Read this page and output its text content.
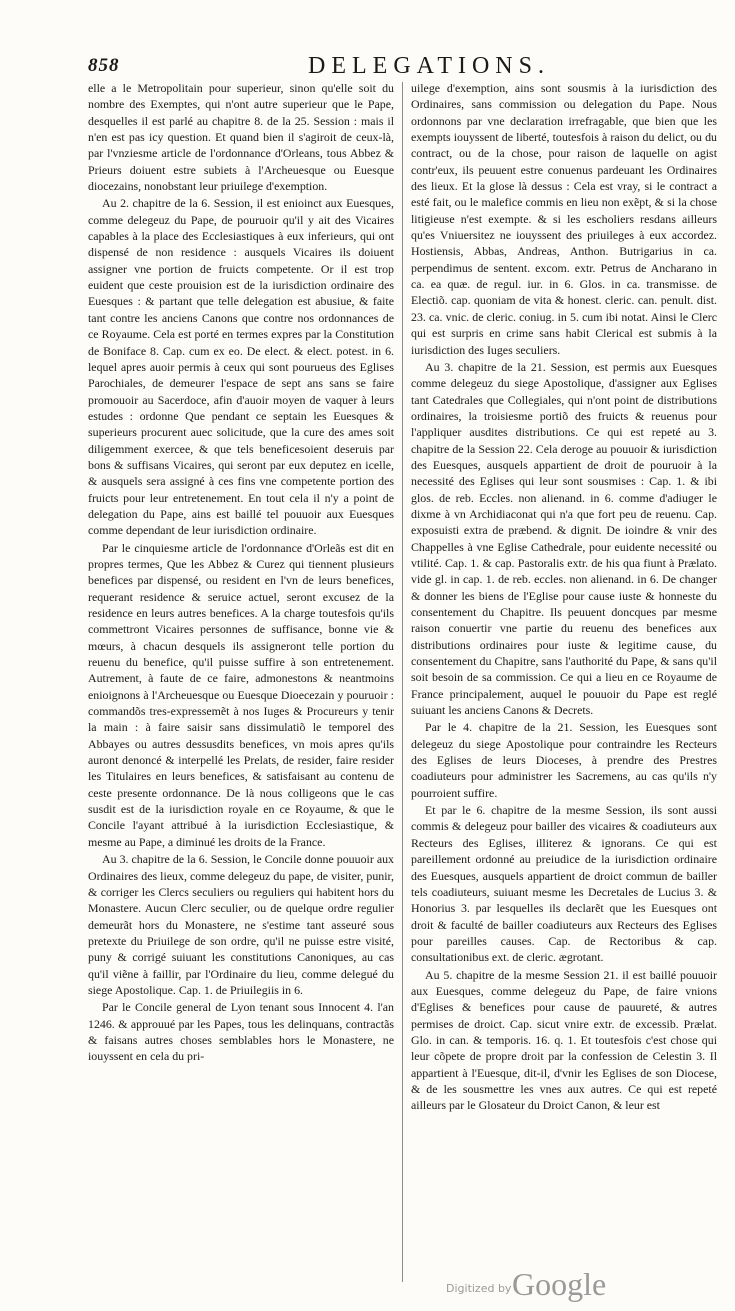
858	DELEGATIONS.

elle a le Metropolitain pour superieur, sinon qu'elle soit du nombre des Exemptes, qui n'ont autre superieur que le Pape, desquelles il est parlé au chapitre 8. de la 25. Session : mais il n'en est pas icy question. Et quand bien il s'agiroit de ceux-là, par l'vnziesme article de l'ordonnance d'Orleans, tous Abbez & Prieurs doiuent estre subiets à l'Archeuesque ou Euesque diocezains, nonobstant leur priuilege d'exemption.

Au 2. chapitre de la 6. Session, il est enioinct aux Euesques, comme delegeuz du Pape, de pouruoir qu'il y ait des Vicaires capables à la place des Ecclesiastiques à eux inferieurs, qui ont dispensé de non residence : ausquels Vicaires ils doiuent assigner vne portion de fruicts competente. Or il est trop euident que ceste prouision est de la iurisdiction ordinaire des Euesques : & partant que telle delegation est abusiue, & faite tant contre les anciens Canons que contre nos ordonnances de ce Royaume. Cela est porté en termes expres par la Constitution de Boniface 8. Cap. cum ex eo. De elect. & elect. potest. in 6. lequel apres auoir permis à ceux qui sont pourueus des Eglises Parochiales, de demeurer l'espace de sept ans sans se faire promouoir au Sacerdoce, afin d'auoir moyen de vaquer à leurs estudes : ordonne Que pendant ce septain les Euesques & superieurs procurent auec solicitude, que la cure des ames soit diligemment exercee, & que tels beneficesoient deseruis par bons & suffisans Vicaires, qui seront par eux deputez en icelle, & ausquels sera assigné à ces fins vne competente portion des fruicts pour leur entretenement. En tout cela il n'y a point de delegation du Pape, ains est baillé tel pouuoir aux Euesques comme dependant de leur iurisdiction ordinaire.

Par le cinquiesme article de l'ordonnance d'Orleãs est dit en propres termes, Que les Abbez & Curez qui tiennent plusieurs benefices par dispensé, ou resident en l'vn de leurs benefices, requerant residence & seruice actuel, seront excusez de la residence en leurs autres benefices. A la charge toutesfois qu'ils commettront Vicaires personnes de suffisance, bonne vie & mœurs, à chacun desquels ils assigneront telle portion du reuenu du benefice, qu'il puisse suffire à son entretenement. Autrement, à faute de ce faire, admonestons & neantmoins enioignons à l'Archeuesque ou Euesque Dioecezain y pouruoir : commandõs tres-expressemẽt à nos Iuges & Procureurs y tenir la main : à faire saisir sans dissimulatiõ le temporel des Abbayes ou autres dessusdits benefices, vn mois apres qu'ils auront denoncé & interpellé les Prelats, de resider, faire resider les Titulaires en leurs benefices, & satisfaisant au contenu de ceste presente ordonnance. De là nous colligeons que le cas susdit est de la iurisdiction royale en ce Royaume, & que le Concile l'ayant attribué à la iurisdiction Ecclesiastique, & mesme au Pape, a diminué les droits de la France.

Au 3. chapitre de la 6. Session, le Concile donne pouuoir aux Ordinaires des lieux, comme delegeuz du pape, de visiter, punir, & corriger les Clercs seculiers ou reguliers qui habitent hors du Monastere. Aucun Clerc seculier, ou de quelque ordre regulier demeurãt hors du Monastere, ne s'estime tant asseuré sous pretexte du Priuilege de son ordre, qu'il ne puisse estre visité, puny & corrigé suiuant les constitutions Canoniques, au cas qu'il viẽne à faillir, par l'Ordinaire du lieu, comme delegué du siege Apostolique. Cap. 1. de Priuilegiis in 6.

Par le Concile general de Lyon tenant sous Innocent 4. l'an 1246. & approuué par les Papes, tous les delinquans, contractãs & faisans autres choses semblables hors le Monastere, ne iouyssent en cela du pri-

uilege d'exemption, ains sont sousmis à la iurisdiction des Ordinaires, sans commission ou delegation du Pape. Nous ordonnons par vne declaration irrefragable, que bien que les exempts iouyssent de liberté, toutesfois à raison du delict, ou du contract, ou de la chose, pour raison de laquelle on agist contr'eux, ils peuuent estre conuenus pardeuant les Ordinaires des lieux. Et la glose là dessus : Cela est vray, si le contract a esté fait, ou le malefice commis en lieu non exẽpt, & si la chose litigieuse n'est exempte. & si les escholiers resdans ailleurs qu'es Vniuersitez ne iouyssent des priuileges à eux accordez. Hostiensis, Abbas, Andreas, Anthon. Butrigarius in ca. perpendimus de sentent. excom. extr. Petrus de Ancharano in ca. ea quæ. de regul. iur. in 6. Glos. in ca. transmisse. de Electiõ. cap. quoniam de vita & honest. cleric. can. penult. dist. 23. ca. vnic. de cleric. coniug. in 5. cum ibi notat. Ainsi le Clerc qui est surpris en crime sans habit Clerical est submis à la iurisdiction des Iuges seculiers.

Au 3. chapitre de la 21. Session, est permis aux Euesques comme delegeuz du siege Apostolique, d'assigner aux Eglises tant Catedrales que Collegiales, qui n'ont point de distributions ordinaires, la troisiesme portiõ des fruicts & reuenus pour l'appliquer ausdites distributions. Ce qui est repeté au 3. chapitre de la Session 22. Cela deroge au pouuoir & iurisdiction des Euesques, ausquels appartient de droit de pouruoir à la necessité des Eglises qui leur sont sousmises : Cap. 1. & ibi glos. de reb. Eccles. non alienand. in 6. comme d'adiuger le dixme à vn Archidiaconat qui n'a que fort peu de reuenu. Cap. exposuisti extra de præbend. & dignit. De ioindre & vnir des Chappelles à vne Eglise Cathedrale, pour euidente necessité ou vtilité. Cap. 1. & cap. Pastoralis extr. de his qua fiunt à Prælato. vide gl. in cap. 1. de reb. eccles. non alienand. in 6. De changer & donner les biens de l'Eglise pour cause iuste & honneste du consentement du Chapitre. Ils peuuent doncques par mesme raison conuertir vne partie du reuenu des benefices aux distributions ordinaires pour iuste & legitime cause, du consentement du Chapitre, sans l'authorité du Pape, & sans qu'il soit besoin de sa commission. Ce qui a lieu en ce Royaume de France principalement, auquel le pouuoir du Pape est reglé suiuant les anciens Canons & Decrets.

Par le 4. chapitre de la 21. Session, les Euesques sont delegeuz du siege Apostolique pour contraindre les Recteurs des Eglises de leurs Dioceses, à prendre des Prestres coadiuteurs pour administrer les Sacremens, au cas qu'ils n'y pourroient suffire.

Et par le 6. chapitre de la mesme Session, ils sont aussi commis & delegeuz pour bailler des vicaires & coadiuteurs aux Recteurs des Eglises, illiterez & ignorans. Ce qui est pareillement ordonné au preiudice de la iurisdiction ordinaire des Euesques, ausquels appartient de droict commun de bailler tels coadiuteurs, suiuant mesme les Decretales de Lucius 3. & Honorius 3. par lesquelles ils declarẽt que les Euesques ont droit & faculté de bailler coadiuteurs aux Recteurs des Eglises pour pareilles causes. Cap. de Rectoribus & cap. consultationibus ext. de cleric. ægrotant.

Au 5. chapitre de la mesme Session 21. il est baillé pouuoir aux Euesques, comme delegeuz du Pape, de faire vnions d'Eglises & benefices pour cause de pauureté, & autres permises de droict. Cap. sicut vnire extr. de excessib. Prælat. Glo. in can. & temporis. 16. q. 1. Et toutesfois c'est chose qui leur cõpete de propre droit par la confession de Celestin 3. Il appartient à l'Euesque, dit-il, d'vnir les Eglises de son Diocese, & de les sousmettre les vnes aux autres. Ce qui est repeté ailleurs par le Glosateur du Droict Canon, & leur est

Digitized by Google
